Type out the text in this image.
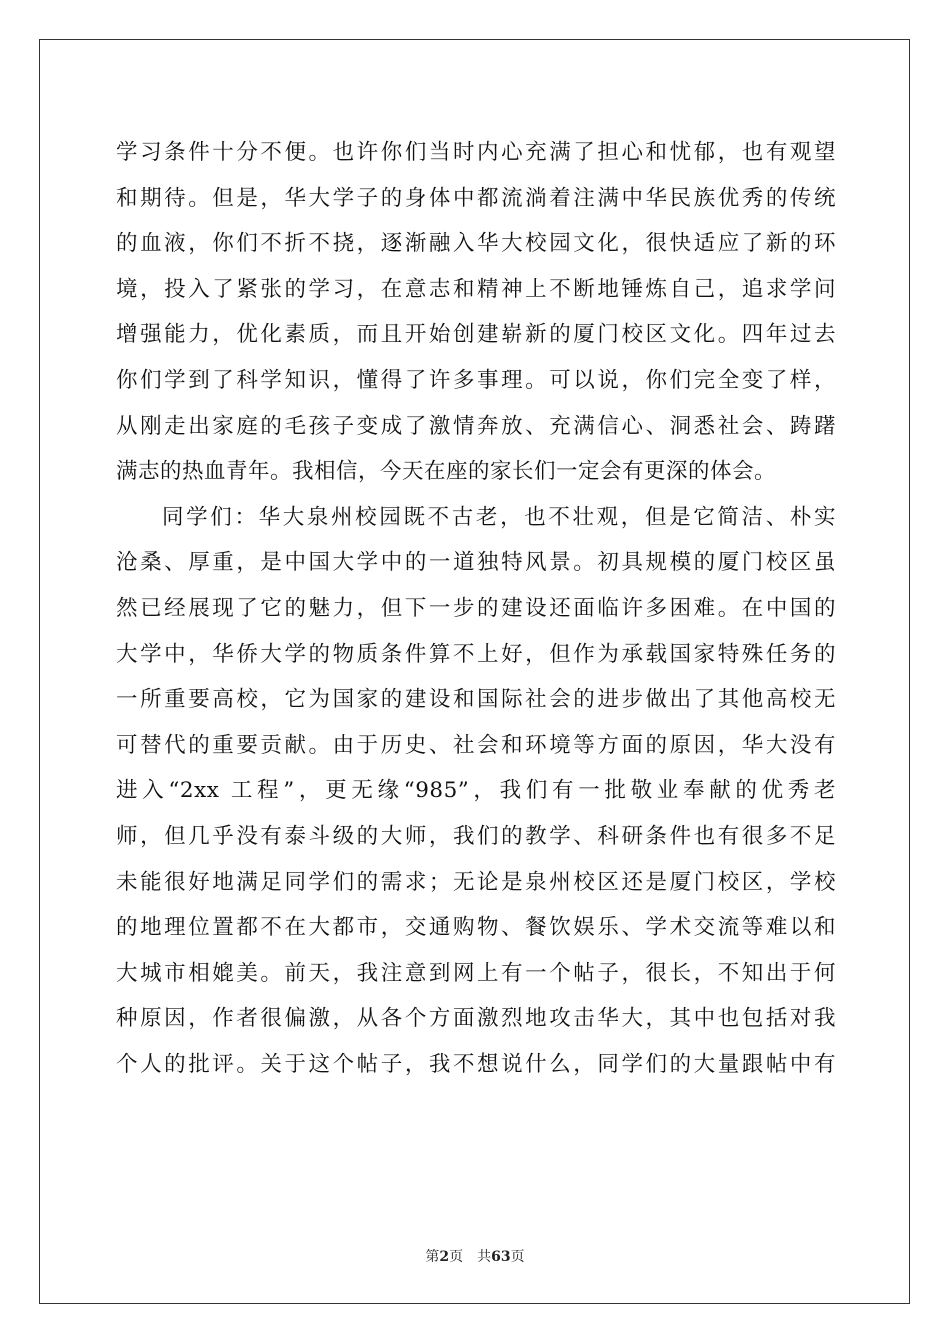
学习条件十分不便。也许你们当时内心充满了担心和忧郁，也有观望
和期待。但是，华大学子的身体中都流淌着注满中华民族优秀的传统
的血液，你们不折不挠，逐渐融入华大校园文化，很快适应了新的环
境，投入了紧张的学习，在意志和精神上不断地锤炼自己，追求学问
增强能力，优化素质，而且开始创建崭新的厦门校区文化。四年过去
你们学到了科学知识，懂得了许多事理。可以说，你们完全变了样，
从刚走出家庭的毛孩子变成了激情奔放、充满信心、洞悉社会、踌躇
满志的热血青年。我相信，今天在座的家长们一定会有更深的体会。
同学们：华大泉州校园既不古老，也不壮观，但是它简洁、朴实
沧桑、厚重，是中国大学中的一道独特风景。初具规模的厦门校区虽
然已经展现了它的魅力，但下一步的建设还面临许多困难。在中国的
大学中，华侨大学的物质条件算不上好，但作为承载国家特殊任务的
一所重要高校，它为国家的建设和国际社会的进步做出了其他高校无
可替代的重要贡献。由于历史、社会和环境等方面的原因，华大没有
进入“2xx 工程”，更无缘“985”，我们有一批敬业奉献的优秀老
师，但几乎没有泰斗级的大师，我们的教学、科研条件也有很多不足
未能很好地满足同学们的需求；无论是泉州校区还是厦门校区，学校
的地理位置都不在大都市，交通购物、餐饮娱乐、学术交流等难以和
大城市相媲美。前天，我注意到网上有一个帖子，很长，不知出于何
种原因，作者很偏激，从各个方面激烈地攻击华大，其中也包括对我
个人的批评。关于这个帖子，我不想说什么，同学们的大量跟帖中有
第2页 共63页
